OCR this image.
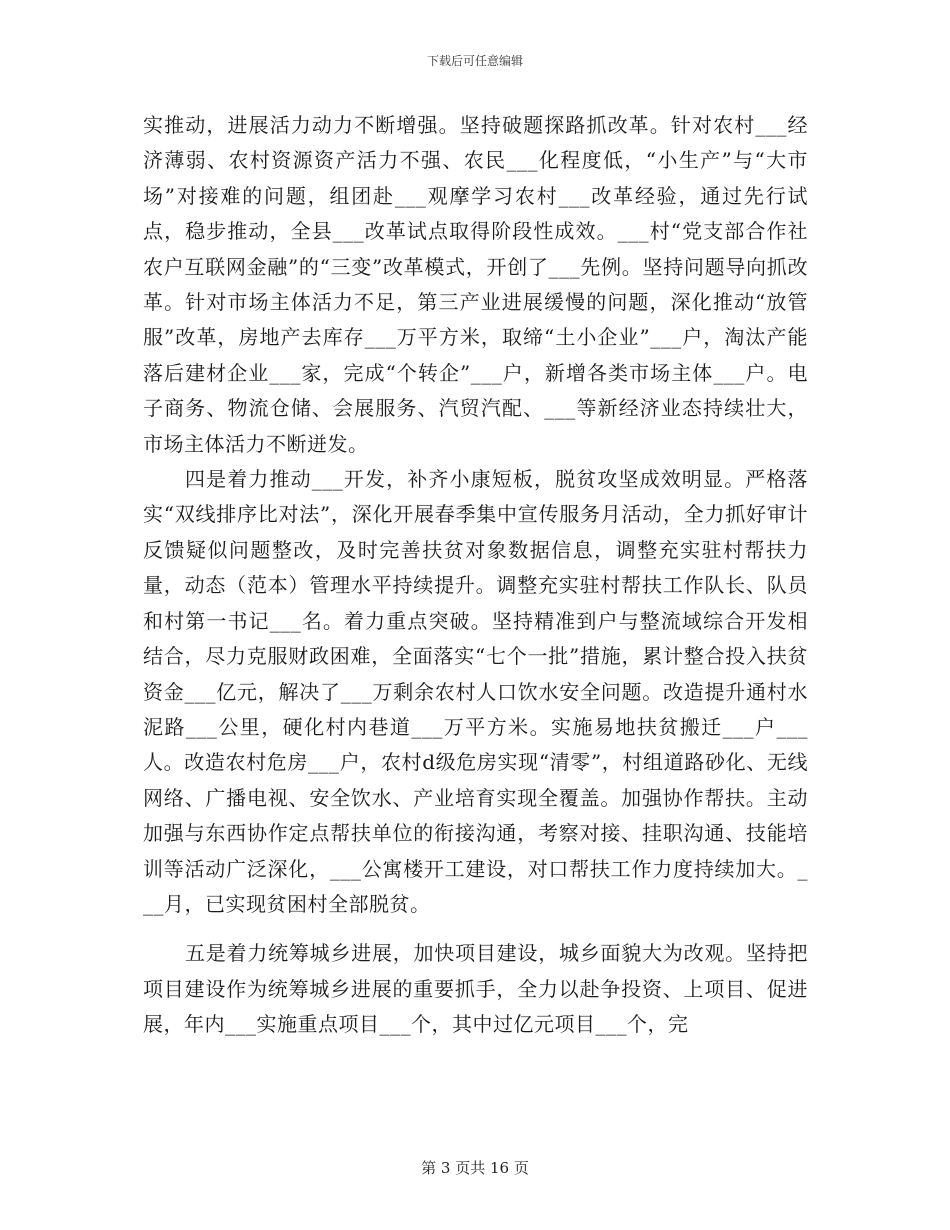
下载后可任意编辑

实推动，进展活力动力不断增强。坚持破题探路抓改革。针对农村___经济薄弱、农村资源资产活力不强、农民___化程度低，“小生产”与“大市场”对接难的问题，组团赴___观摩学习农村___改革经验，通过先行试点，稳步推动，全县___改革试点取得阶段性成效。___村“党支部合作社农户互联网金融”的“三变”改革模式，开创了___先例。坚持问题导向抓改革。针对市场主体活力不足，第三产业进展缓慢的问题，深化推动“放管服”改革，房地产去库存___万平方米，取缔“土小企业”___户，淘汰产能落后建材企业___家，完成“个转企”___户，新增各类市场主体___户。电子商务、物流仓储、会展服务、汽贸汽配、___等新经济业态持续壮大，市场主体活力不断迸发。

四是着力推动___开发，补齐小康短板，脱贫攻坚成效明显。严格落实“双线排序比对法”，深化开展春季集中宣传服务月活动，全力抓好审计反馈疑似问题整改，及时完善扶贫对象数据信息，调整充实驻村帮扶力量，动态（范本）管理水平持续提升。调整充实驻村帮扶工作队长、队员和村第一书记___名。着力重点突破。坚持精准到户与整流域综合开发相结合，尽力克服财政困难，全面落实“七个一批”措施，累计整合投入扶贫资金___亿元，解决了___万剩余农村人口饮水安全问题。改造提升通村水泥路___公里，硬化村内巷道___万平方米。实施易地扶贫搬迁___户___人。改造农村危房___户，农村d级危房实现“清零”，村组道路砂化、无线网络、广播电视、安全饮水、产业培育实现全覆盖。加强协作帮扶。主动加强与东西协作定点帮扶单位的衔接沟通，考察对接、挂职沟通、技能培训等活动广泛深化，___公寓楼开工建设，对口帮扶工作力度持续加大。___月，已实现贫困村全部脱贫。

五是着力统筹城乡进展，加快项目建设，城乡面貌大为改观。坚持把项目建设作为统筹城乡进展的重要抓手，全力以赴争投资、上项目、促进展，年内___实施重点项目___个，其中过亿元项目___个，完

第 3 页共 16 页
